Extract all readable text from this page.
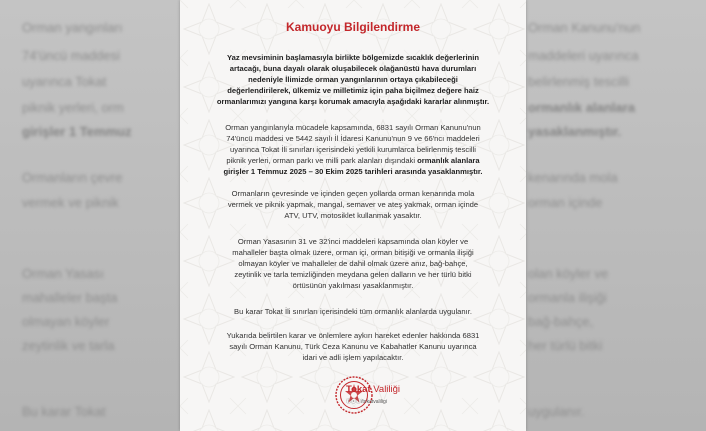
Orman yangınları
74'üncü maddesi
uyarınca Tokat
piknik yerleri, orm
girişler 1 Temmuz
Ormanların çevre
vermek ve piknik
Orman Yasası
mahalleler başta
olmayan köyler
zeytinlik ve tarla
Bu karar Tokat
Orman Kanunu'nun
maddeleri uyarınca
belirlenmiş tescilli
ormanlık alanlara
yasaklanmıştır.
kenarında mola
orman içinde
olan köyler ve
ormanla ilişiği
bağ-bahçe,
her türlü bitki
uygulanır.
Kamuoyu Bilgilendirme
Yaz mevsiminin başlamasıyla birlikte bölgemizde sıcaklık değerlerinin
artacağı, buna dayalı olarak oluşabilecek olağanüstü hava durumları
nedeniyle İlimizde orman yangınlarının ortaya çıkabileceği
değerlendirilerek, ülkemiz ve milletimiz için paha biçilmez değere haiz
ormanlarımızı yangına karşı korumak amacıyla aşağıdaki kararlar alınmıştır.
Orman yangınlarıyla mücadele kapsamında, 6831 sayılı Orman Kanunu'nun
74'üncü maddesi ve 5442 sayılı İl İdaresi Kanunu'nun 9 ve 66'ncı maddeleri
uyarınca Tokat İli sınırları içerisindeki yetkili kurumlarca belirlenmiş tescilli
piknik yerleri, orman parkı ve milli park alanları dışındaki ormanlık alanlara
girişler 1 Temmuz 2025 – 30 Ekim 2025 tarihleri arasında yasaklanmıştır.
Ormanların çevresinde ve içinden geçen yollarda orman kenarında mola
vermek ve piknik yapmak, mangal, semaver ve ateş yakmak, orman içinde
ATV, UTV, motosiklet kullanmak yasaktır.
Orman Yasasının 31 ve 32'inci maddeleri kapsamında olan köyler ve
mahalleler başta olmak üzere, orman içi, orman bitişiği ve ormanla ilişiği
olmayan köyler ve mahalleler de dahil olmak üzere anız, bağ-bahçe,
zeytinlik ve tarla temizliğinden meydana gelen dalların ve her türlü bitki
örtüsünün yakılması yasaklanmıştır.
Bu karar Tokat İli sınırları içerisindeki tüm ormanlık alanlarda uygulanır.
Yukarıda belirtilen karar ve önlemlere aykırı hareket edenler hakkında 6831
sayılı Orman Kanunu, Türk Ceza Kanunu ve Kabahatler Kanunu uyarınca
idari ve adli işlem yapılacaktır.
Tokat Valiliği
ⓕⓧⓘ/tokatvaliligi
